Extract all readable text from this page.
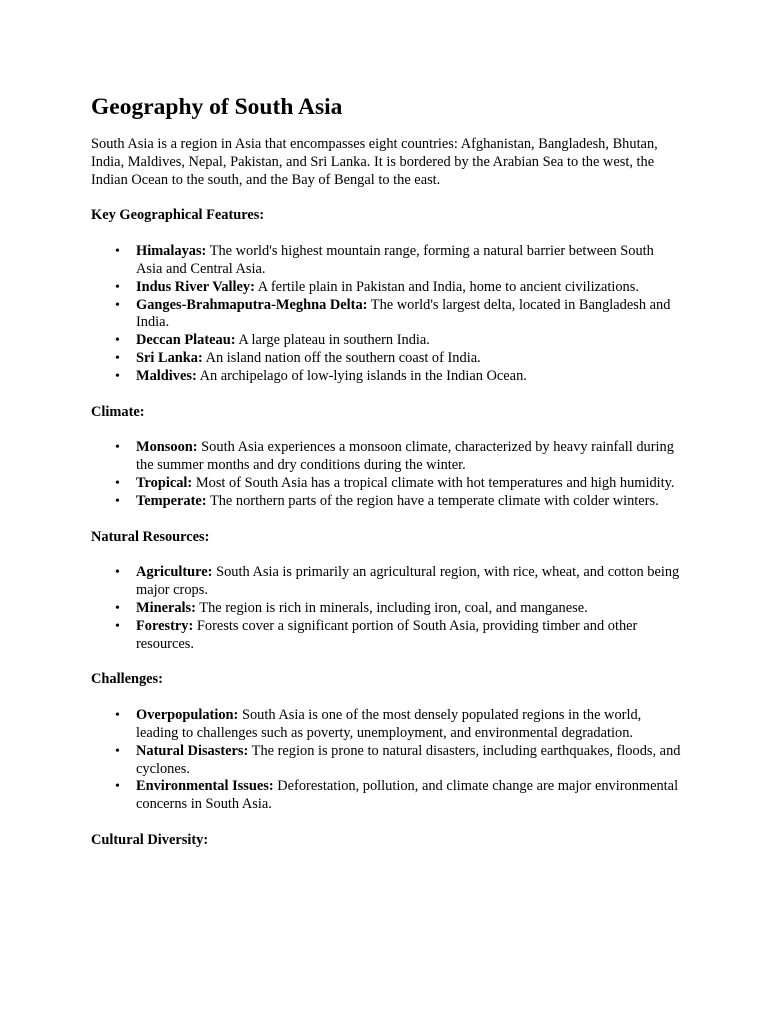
Geography of South Asia

South Asia is a region in Asia that encompasses eight countries: Afghanistan, Bangladesh, Bhutan, India, Maldives, Nepal, Pakistan, and Sri Lanka. It is bordered by the Arabian Sea to the west, the Indian Ocean to the south, and the Bay of Bengal to the east.

Key Geographical Features:

• Himalayas: The world's highest mountain range, forming a natural barrier between South Asia and Central Asia.
• Indus River Valley: A fertile plain in Pakistan and India, home to ancient civilizations.
• Ganges-Brahmaputra-Meghna Delta: The world's largest delta, located in Bangladesh and India.
• Deccan Plateau: A large plateau in southern India.
• Sri Lanka: An island nation off the southern coast of India.
• Maldives: An archipelago of low-lying islands in the Indian Ocean.

Climate:

• Monsoon: South Asia experiences a monsoon climate, characterized by heavy rainfall during the summer months and dry conditions during the winter.
• Tropical: Most of South Asia has a tropical climate with hot temperatures and high humidity.
• Temperate: The northern parts of the region have a temperate climate with colder winters.

Natural Resources:

• Agriculture: South Asia is primarily an agricultural region, with rice, wheat, and cotton being major crops.
• Minerals: The region is rich in minerals, including iron, coal, and manganese.
• Forestry: Forests cover a significant portion of South Asia, providing timber and other resources.

Challenges:

• Overpopulation: South Asia is one of the most densely populated regions in the world, leading to challenges such as poverty, unemployment, and environmental degradation.
• Natural Disasters: The region is prone to natural disasters, including earthquakes, floods, and cyclones.
• Environmental Issues: Deforestation, pollution, and climate change are major environmental concerns in South Asia.

Cultural Diversity:
